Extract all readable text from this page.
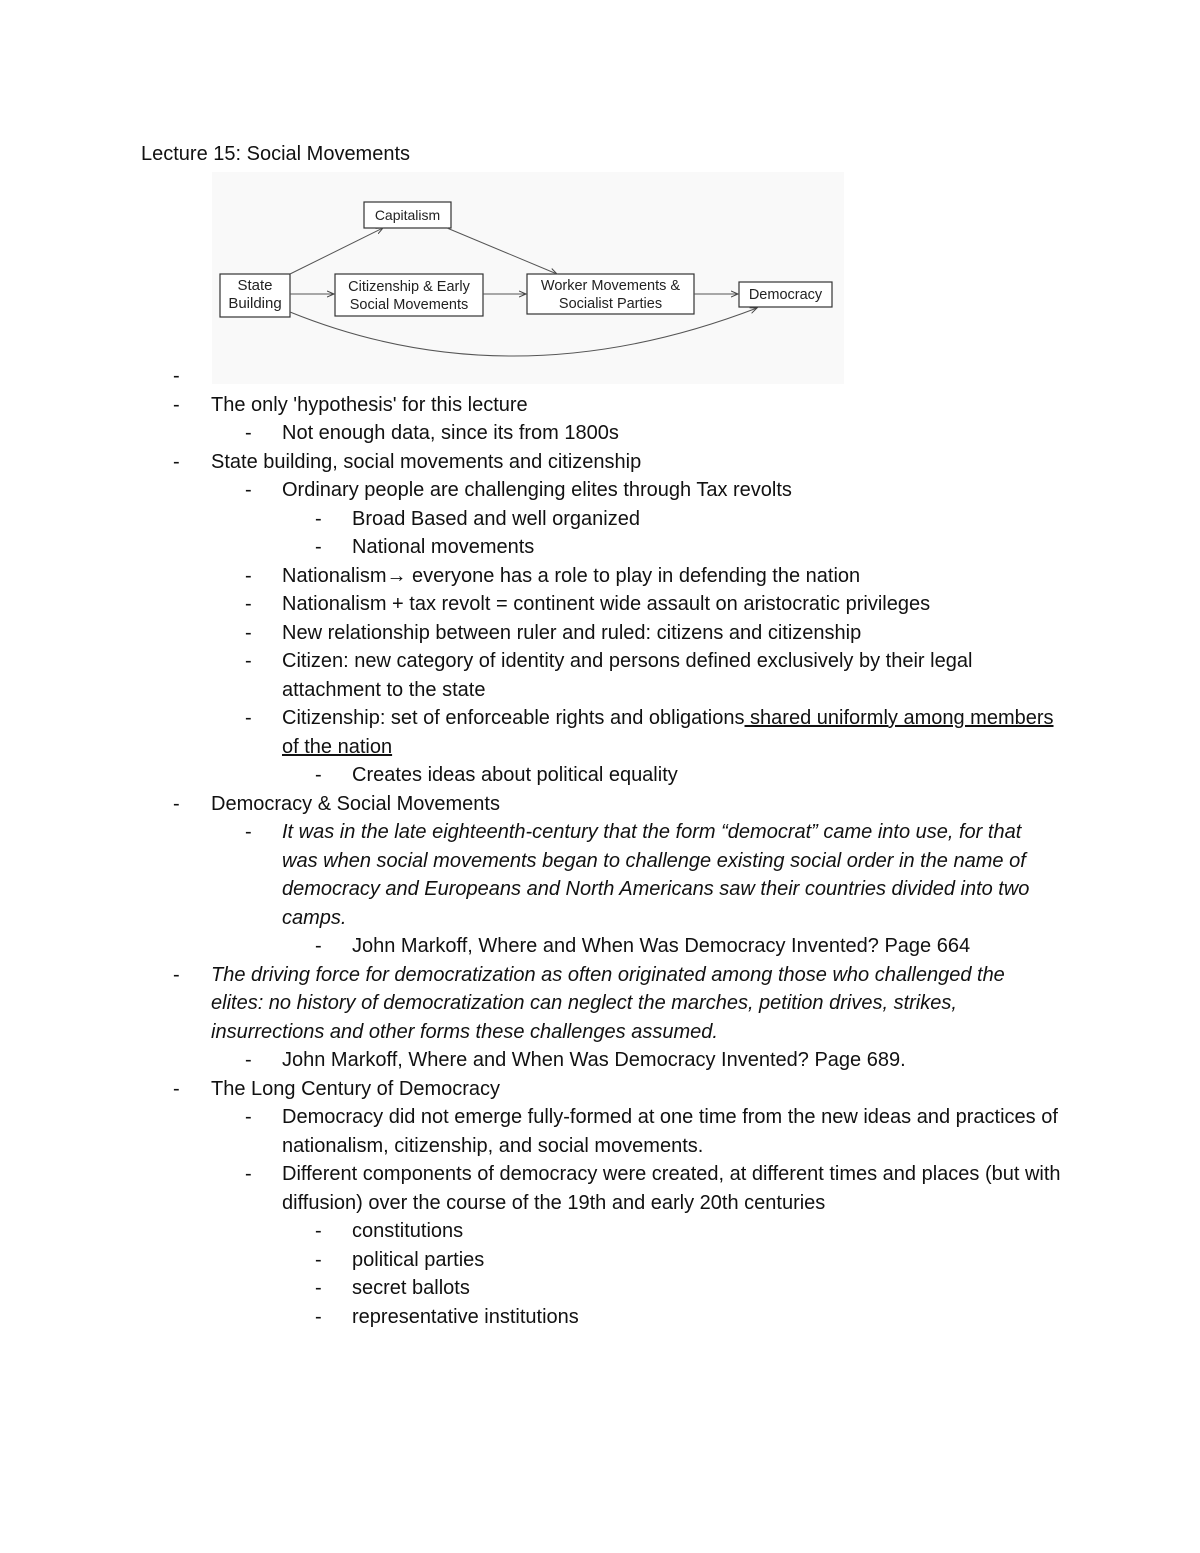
Lecture 15: Social Movements
Capitalism
State
Building
Citizenship & Early
Social Movements
Worker Movements &
Socialist Parties
Democracy
-
- The only 'hypothesis' for this lecture
- Not enough data, since its from 1800s
- State building, social movements and citizenship
- Ordinary people are challenging elites through Tax revolts
- Broad Based and well organized
- National movements
- Nationalism→ everyone has a role to play in defending the nation
- Nationalism + tax revolt = continent wide assault on aristocratic privileges
- New relationship between ruler and ruled: citizens and citizenship
- Citizen: new category of identity and persons defined exclusively by their legal attachment to the state
- Citizenship: set of enforceable rights and obligations shared uniformly among members of the nation
- Creates ideas about political equality
- Democracy & Social Movements
- It was in the late eighteenth-century that the form “democrat” came into use, for that was when social movements began to challenge existing social order in the name of democracy and Europeans and North Americans saw their countries divided into two camps.
- John Markoff, Where and When Was Democracy Invented? Page 664
- The driving force for democratization as often originated among those who challenged the elites: no history of democratization can neglect the marches, petition drives, strikes, insurrections and other forms these challenges assumed.
- John Markoff, Where and When Was Democracy Invented? Page 689.
- The Long Century of Democracy
- Democracy did not emerge fully-formed at one time from the new ideas and practices of nationalism, citizenship, and social movements.
- Different components of democracy were created, at different times and places (but with diffusion) over the course of the 19th and early 20th centuries
- constitutions
- political parties
- secret ballots
- representative institutions
